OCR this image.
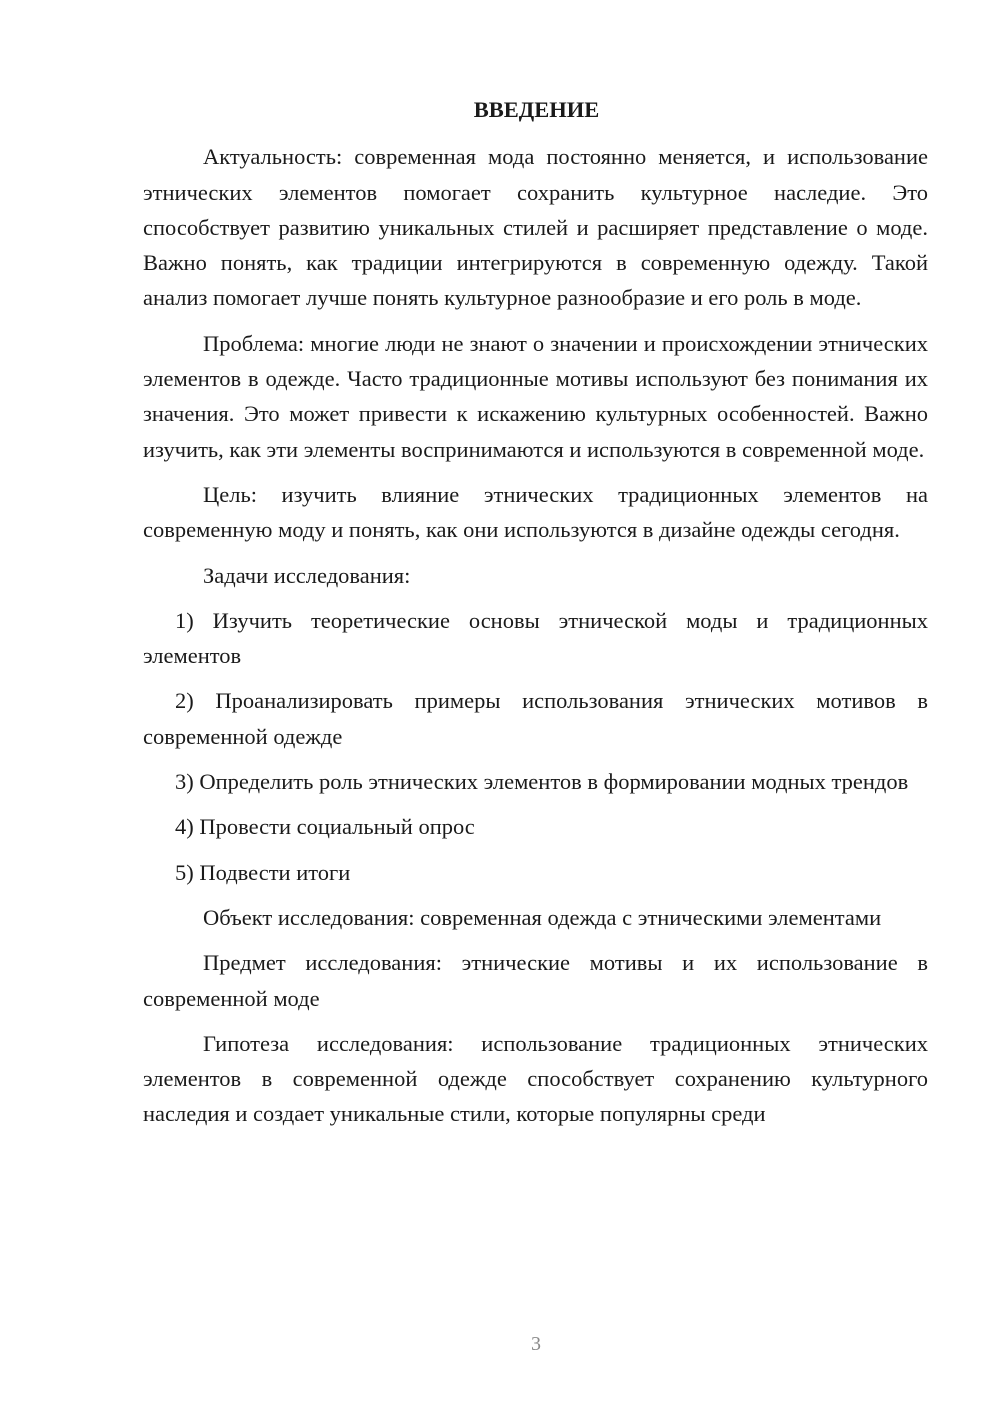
ВВЕДЕНИЕ

Актуальность: современная мода постоянно меняется, и использование этнических элементов помогает сохранить культурное наследие. Это способствует развитию уникальных стилей и расширяет представление о моде. Важно понять, как традиции интегрируются в современную одежду. Такой анализ помогает лучше понять культурное разнообразие и его роль в моде.

Проблема: многие люди не знают о значении и происхождении этнических элементов в одежде. Часто традиционные мотивы используют без понимания их значения. Это может привести к искажению культурных особенностей. Важно изучить, как эти элементы воспринимаются и используются в современной моде.

Цель: изучить влияние этнических традиционных элементов на современную моду и понять, как они используются в дизайне одежды сегодня.

Задачи исследования:

1) Изучить теоретические основы этнической моды и традиционных элементов

2) Проанализировать примеры использования этнических мотивов в современной одежде

3) Определить роль этнических элементов в формировании модных трендов

4) Провести социальный опрос

5) Подвести итоги

Объект исследования: современная одежда с этническими элементами

Предмет исследования: этнические мотивы и их использование в современной моде

Гипотеза исследования: использование традиционных этнических элементов в современной одежде способствует сохранению культурного наследия и создает уникальные стили, которые популярны среди

3
